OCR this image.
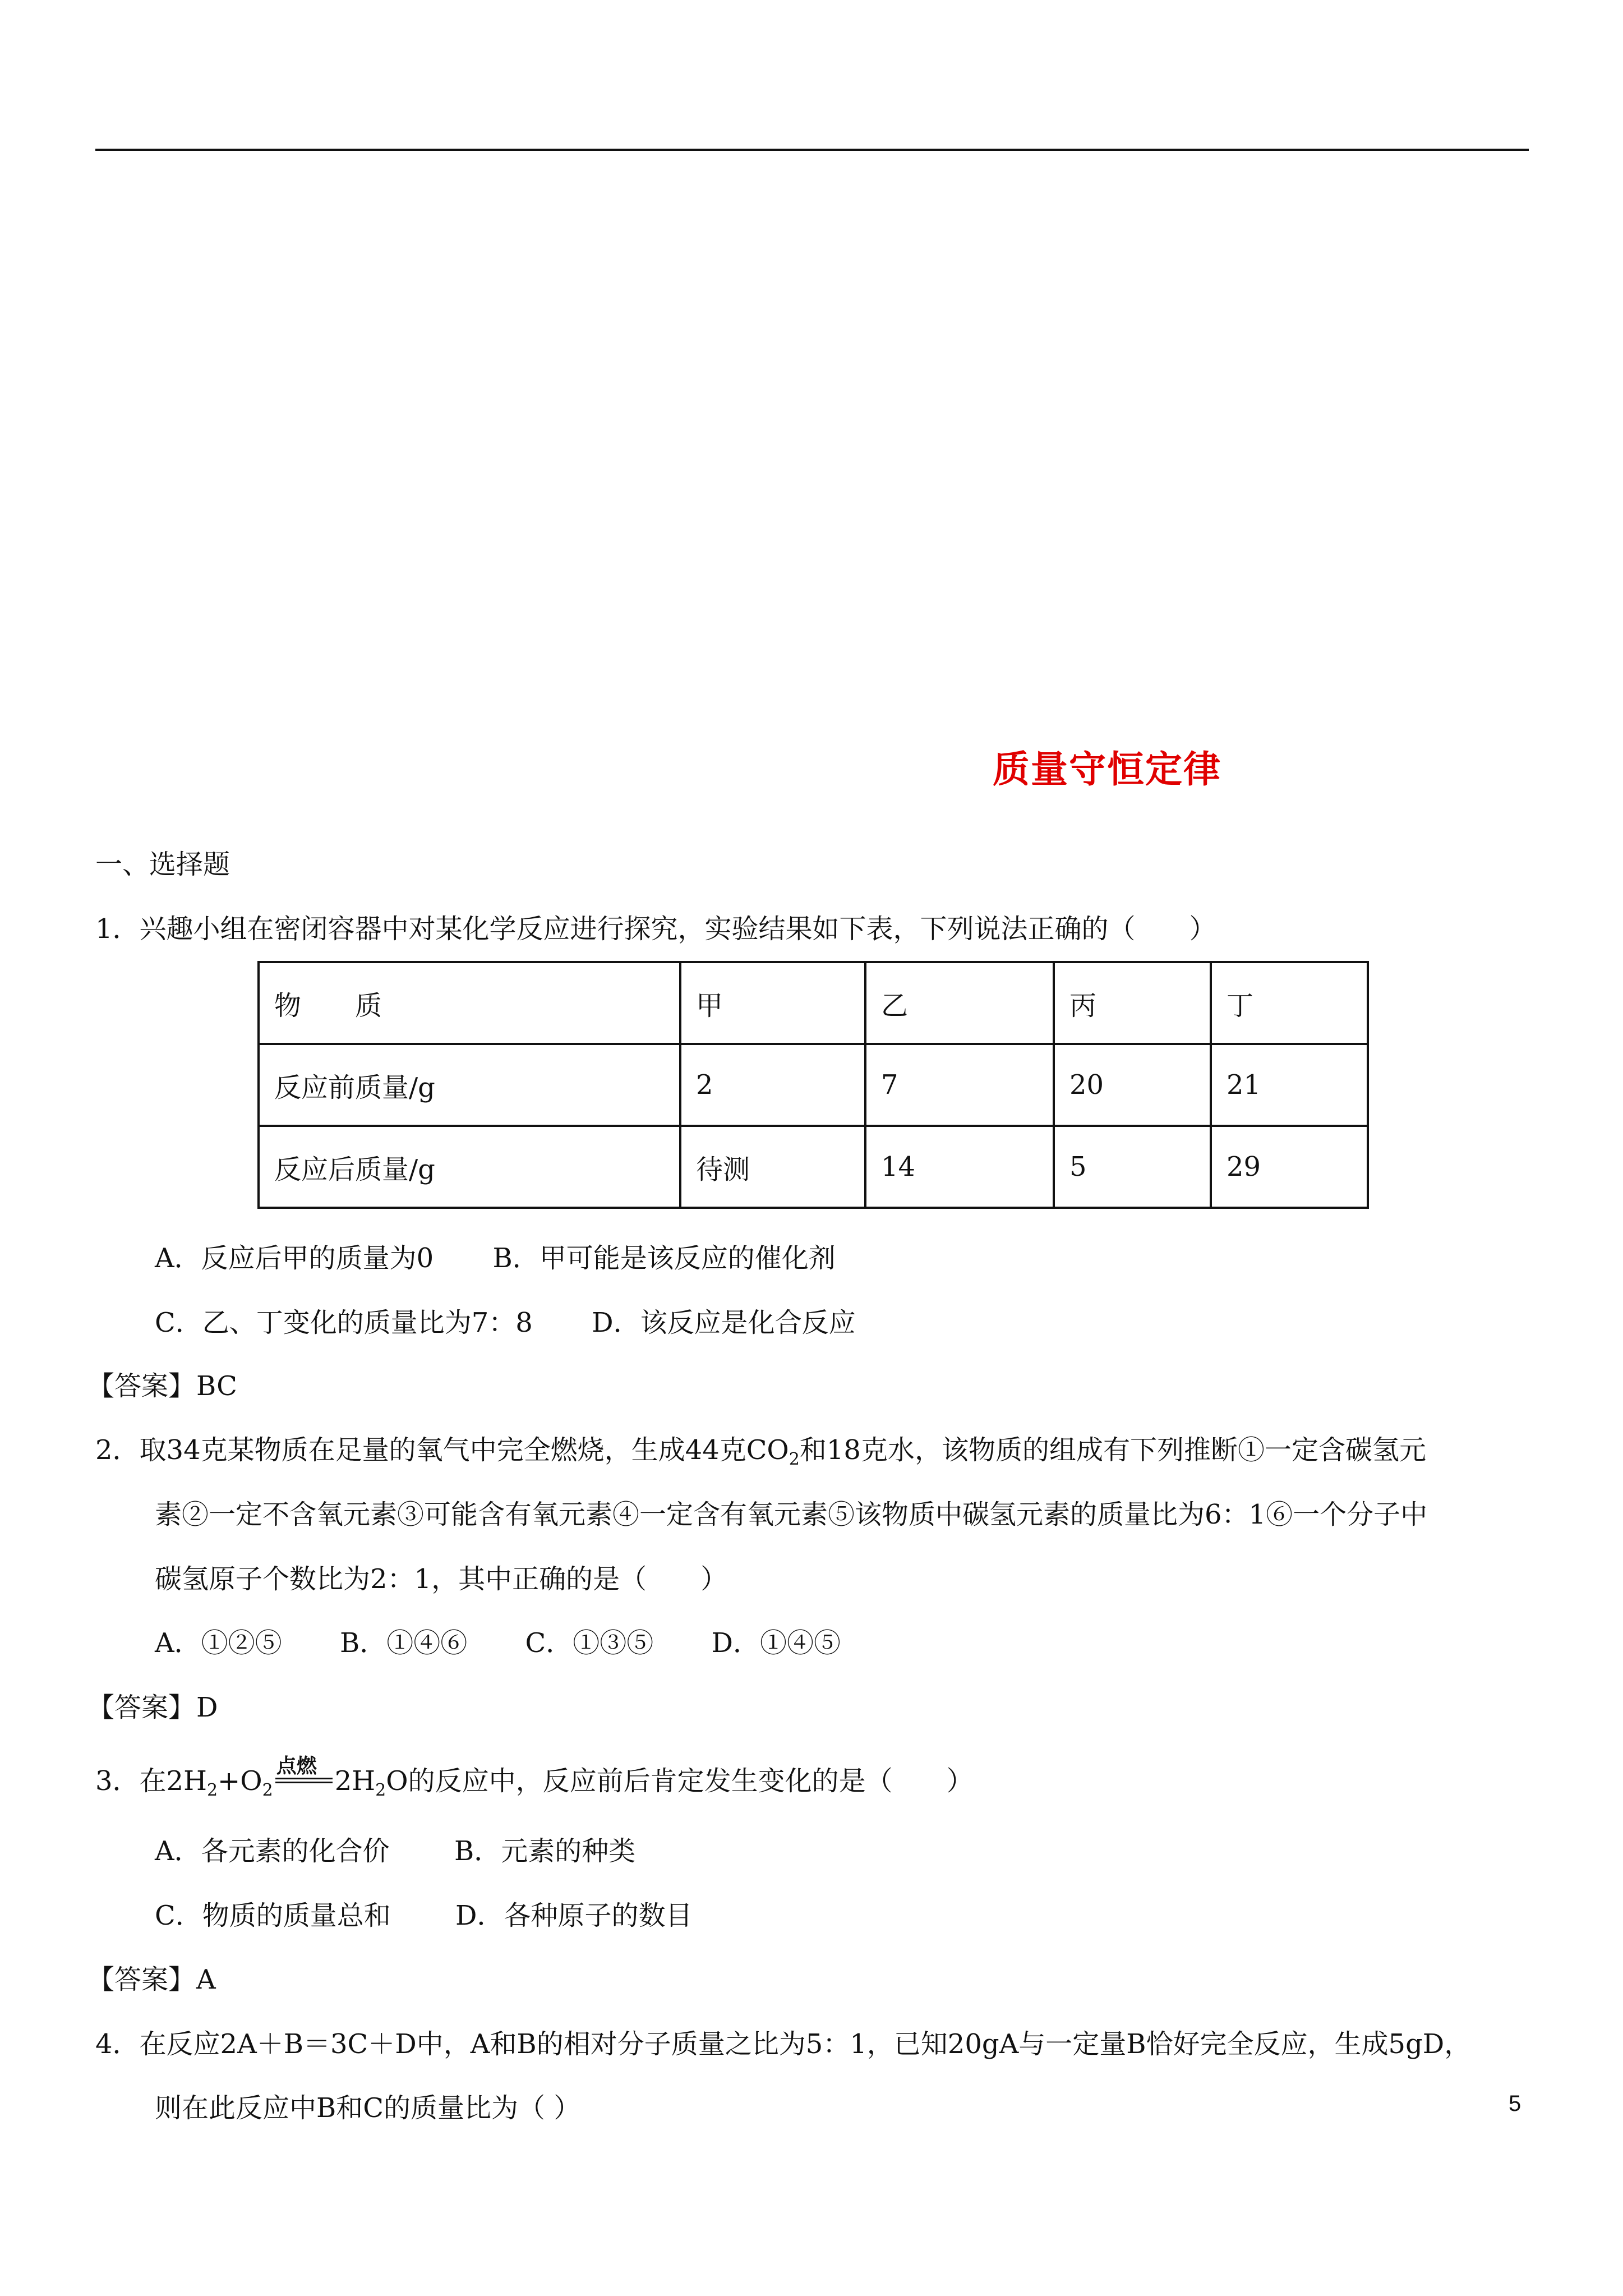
质量守恒定律
一、选择题
1．兴趣小组在密闭容器中对某化学反应进行探究，实验结果如下表，下列说法正确的（　　）
物　　质	甲	乙	丙	丁
反应前质量/g	2	7	20	21
反应后质量/g	待测	14	5	29
A．反应后甲的质量为0 B．甲可能是该反应的催化剂
C．乙、丁变化的质量比为7：8 D．该反应是化合反应
【答案】BC
2．取34克某物质在足量的氧气中完全燃烧，生成44克$CO_2$和18克水，该物质的组成有下列推断①一定含碳氢元
素②一定不含氧元素③可能含有氧元素④一定含有氧元素⑤该物质中碳氢元素的质量比为6：1⑥一个分子中
碳氢原子个数比为2：1，其中正确的是（　　）
A．①②⑤ B．①④⑥ C．①③⑤ D．①④⑤
【答案】D
3．在$2H_2+O_2$
点燃 $2H_2O$的反应中，反应前后肯定发生变化的是（　　）
A．各元素的化合价 B．元素的种类
C．物质的质量总和 D．各种原子的数目
【答案】A
4．在反应2A＋B＝3C＋D中，A和B的相对分子质量之比为5：1，已知20gA与一定量B恰好完全反应，生成5gD，
则在此反应中B和C的质量比为（ ）	5
